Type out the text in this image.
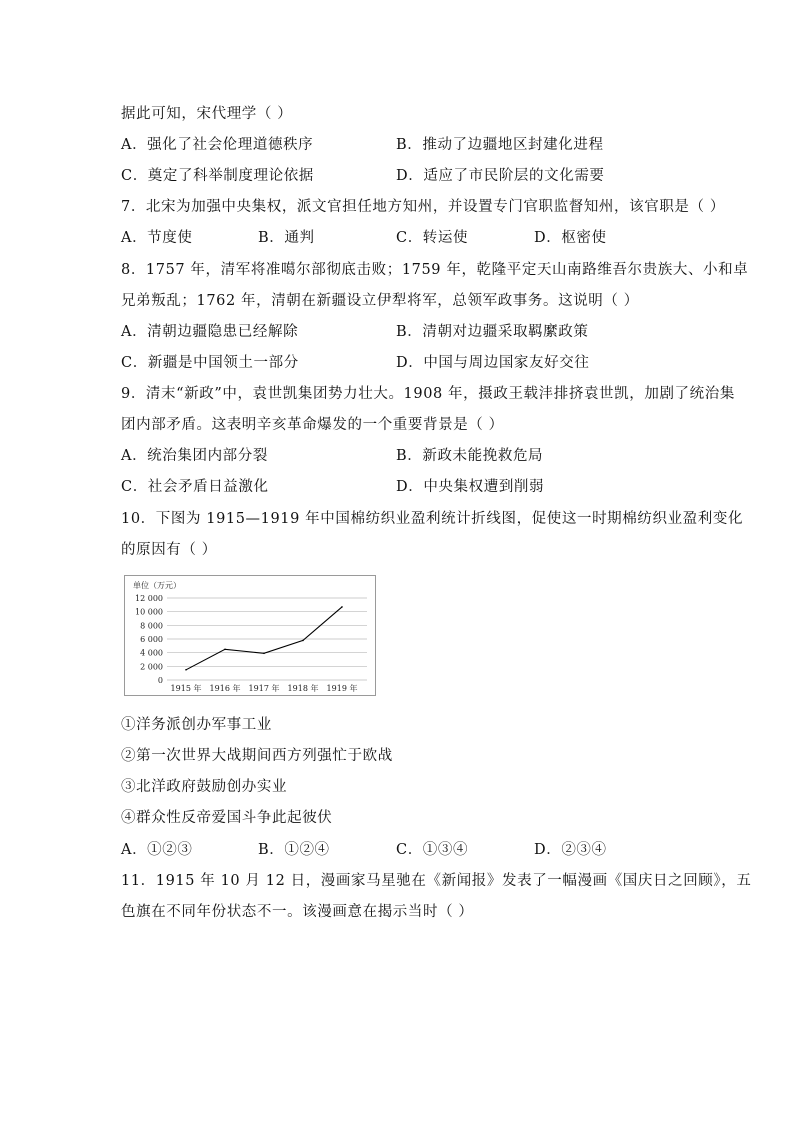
据此可知，宋代理学（ ）
A．强化了社会伦理道德秩序	B．推动了边疆地区封建化进程
C．奠定了科举制度理论依据	D．适应了市民阶层的文化需要
7．北宋为加强中央集权，派文官担任地方知州，并设置专门官职监督知州，该官职是（ ）
A．节度使	B．通判	C．转运使	D．枢密使
8．1757 年，清军将准噶尔部彻底击败；1759 年，乾隆平定天山南路维吾尔贵族大、小和卓
兄弟叛乱；1762 年，清朝在新疆设立伊犁将军，总领军政事务。这说明（ ）
A．清朝边疆隐患已经解除	B．清朝对边疆采取羁縻政策
C．新疆是中国领土一部分	D．中国与周边国家友好交往
9．清末“新政”中，袁世凯集团势力壮大。1908 年，摄政王载沣排挤袁世凯，加剧了统治集
团内部矛盾。这表明辛亥革命爆发的一个重要背景是（ ）
A．统治集团内部分裂	B．新政未能挽救危局
C．社会矛盾日益激化	D．中央集权遭到削弱
10．下图为 1915—1919 年中国棉纺织业盈利统计折线图，促使这一时期棉纺织业盈利变化
的原因有（ ）
单位（万元）
0
2 000
4 000
6 000
8 000
10 000
12 000
1915 年 1916 年 1917 年 1918 年 1919 年
①洋务派创办军事工业
②第一次世界大战期间西方列强忙于欧战
③北洋政府鼓励创办实业
④群众性反帝爱国斗争此起彼伏
A．①②③	B．①②④	C．①③④	D．②③④
11．1915 年 10 月 12 日，漫画家马星驰在《新闻报》发表了一幅漫画《国庆日之回顾》，五
色旗在不同年份状态不一。该漫画意在揭示当时（ ）
